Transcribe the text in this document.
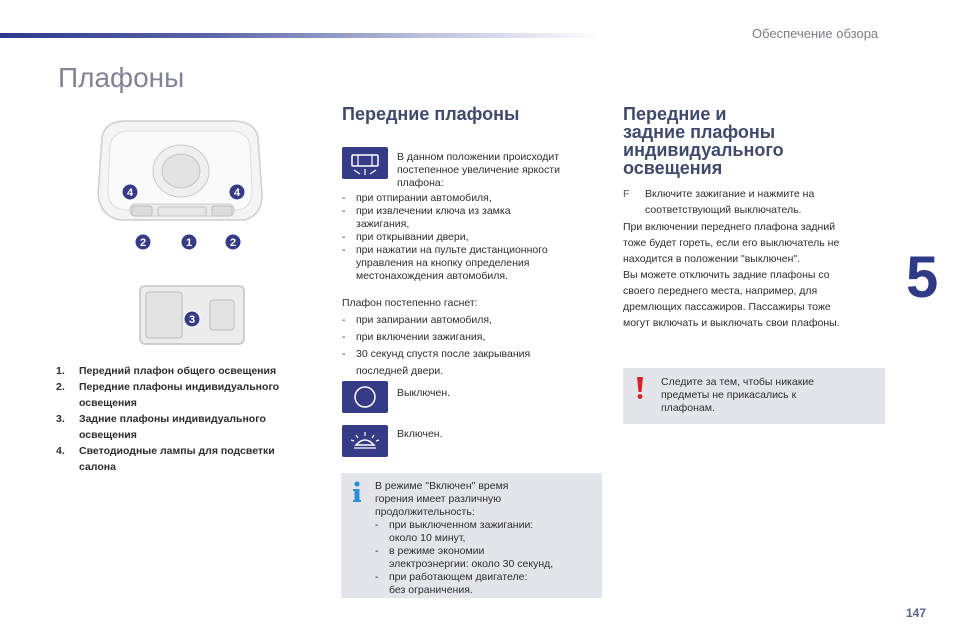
Обеспечение обзора
Плафоны
4	4
2	1	2
3
1.	Передний плафон общего освещения
2.	Передние плафоны индивидуального
освещения
3.	Задние плафоны индивидуального
освещения
4.	Светодиодные лампы для подсветки
салона
Передние плафоны
В данном положении происходит
постепенное увеличение яркости
плафона:
-	при отпирании автомобиля,
-	при извлечении ключа из замка
зажигания,
-	при открывании двери,
-	при нажатии на пульте дистанционного
управления на кнопку определения
местонахождения автомобиля.
Плафон постепенно гаснет:
-	при запирании автомобиля,
-	при включении зажигания,
-	30 секунд спустя после закрывания
последней двери.
Выключен.
Включен.
В режиме "Включен" время
горения имеет различную
продолжительность:
-	при выключенном зажигании:
около 10 минут,
-	в режиме экономии
электроэнергии: около 30 секунд,
-	при работающем двигателе:
без ограничения.
Передние и
задние плафоны
индивидуального
освещения
F	Включите зажигание и нажмите на
соответствующий выключатель.
При включении переднего плафона задний
тоже будет гореть, если его выключатель не
находится в положении "выключен".
Вы можете отключить задние плафоны со
своего переднего места, например, для
дремлющих пассажиров. Пассажиры тоже
могут включать и выключать свои плафоны.
Следите за тем, чтобы никакие
предметы не прикасались к
плафонам.
5
147
